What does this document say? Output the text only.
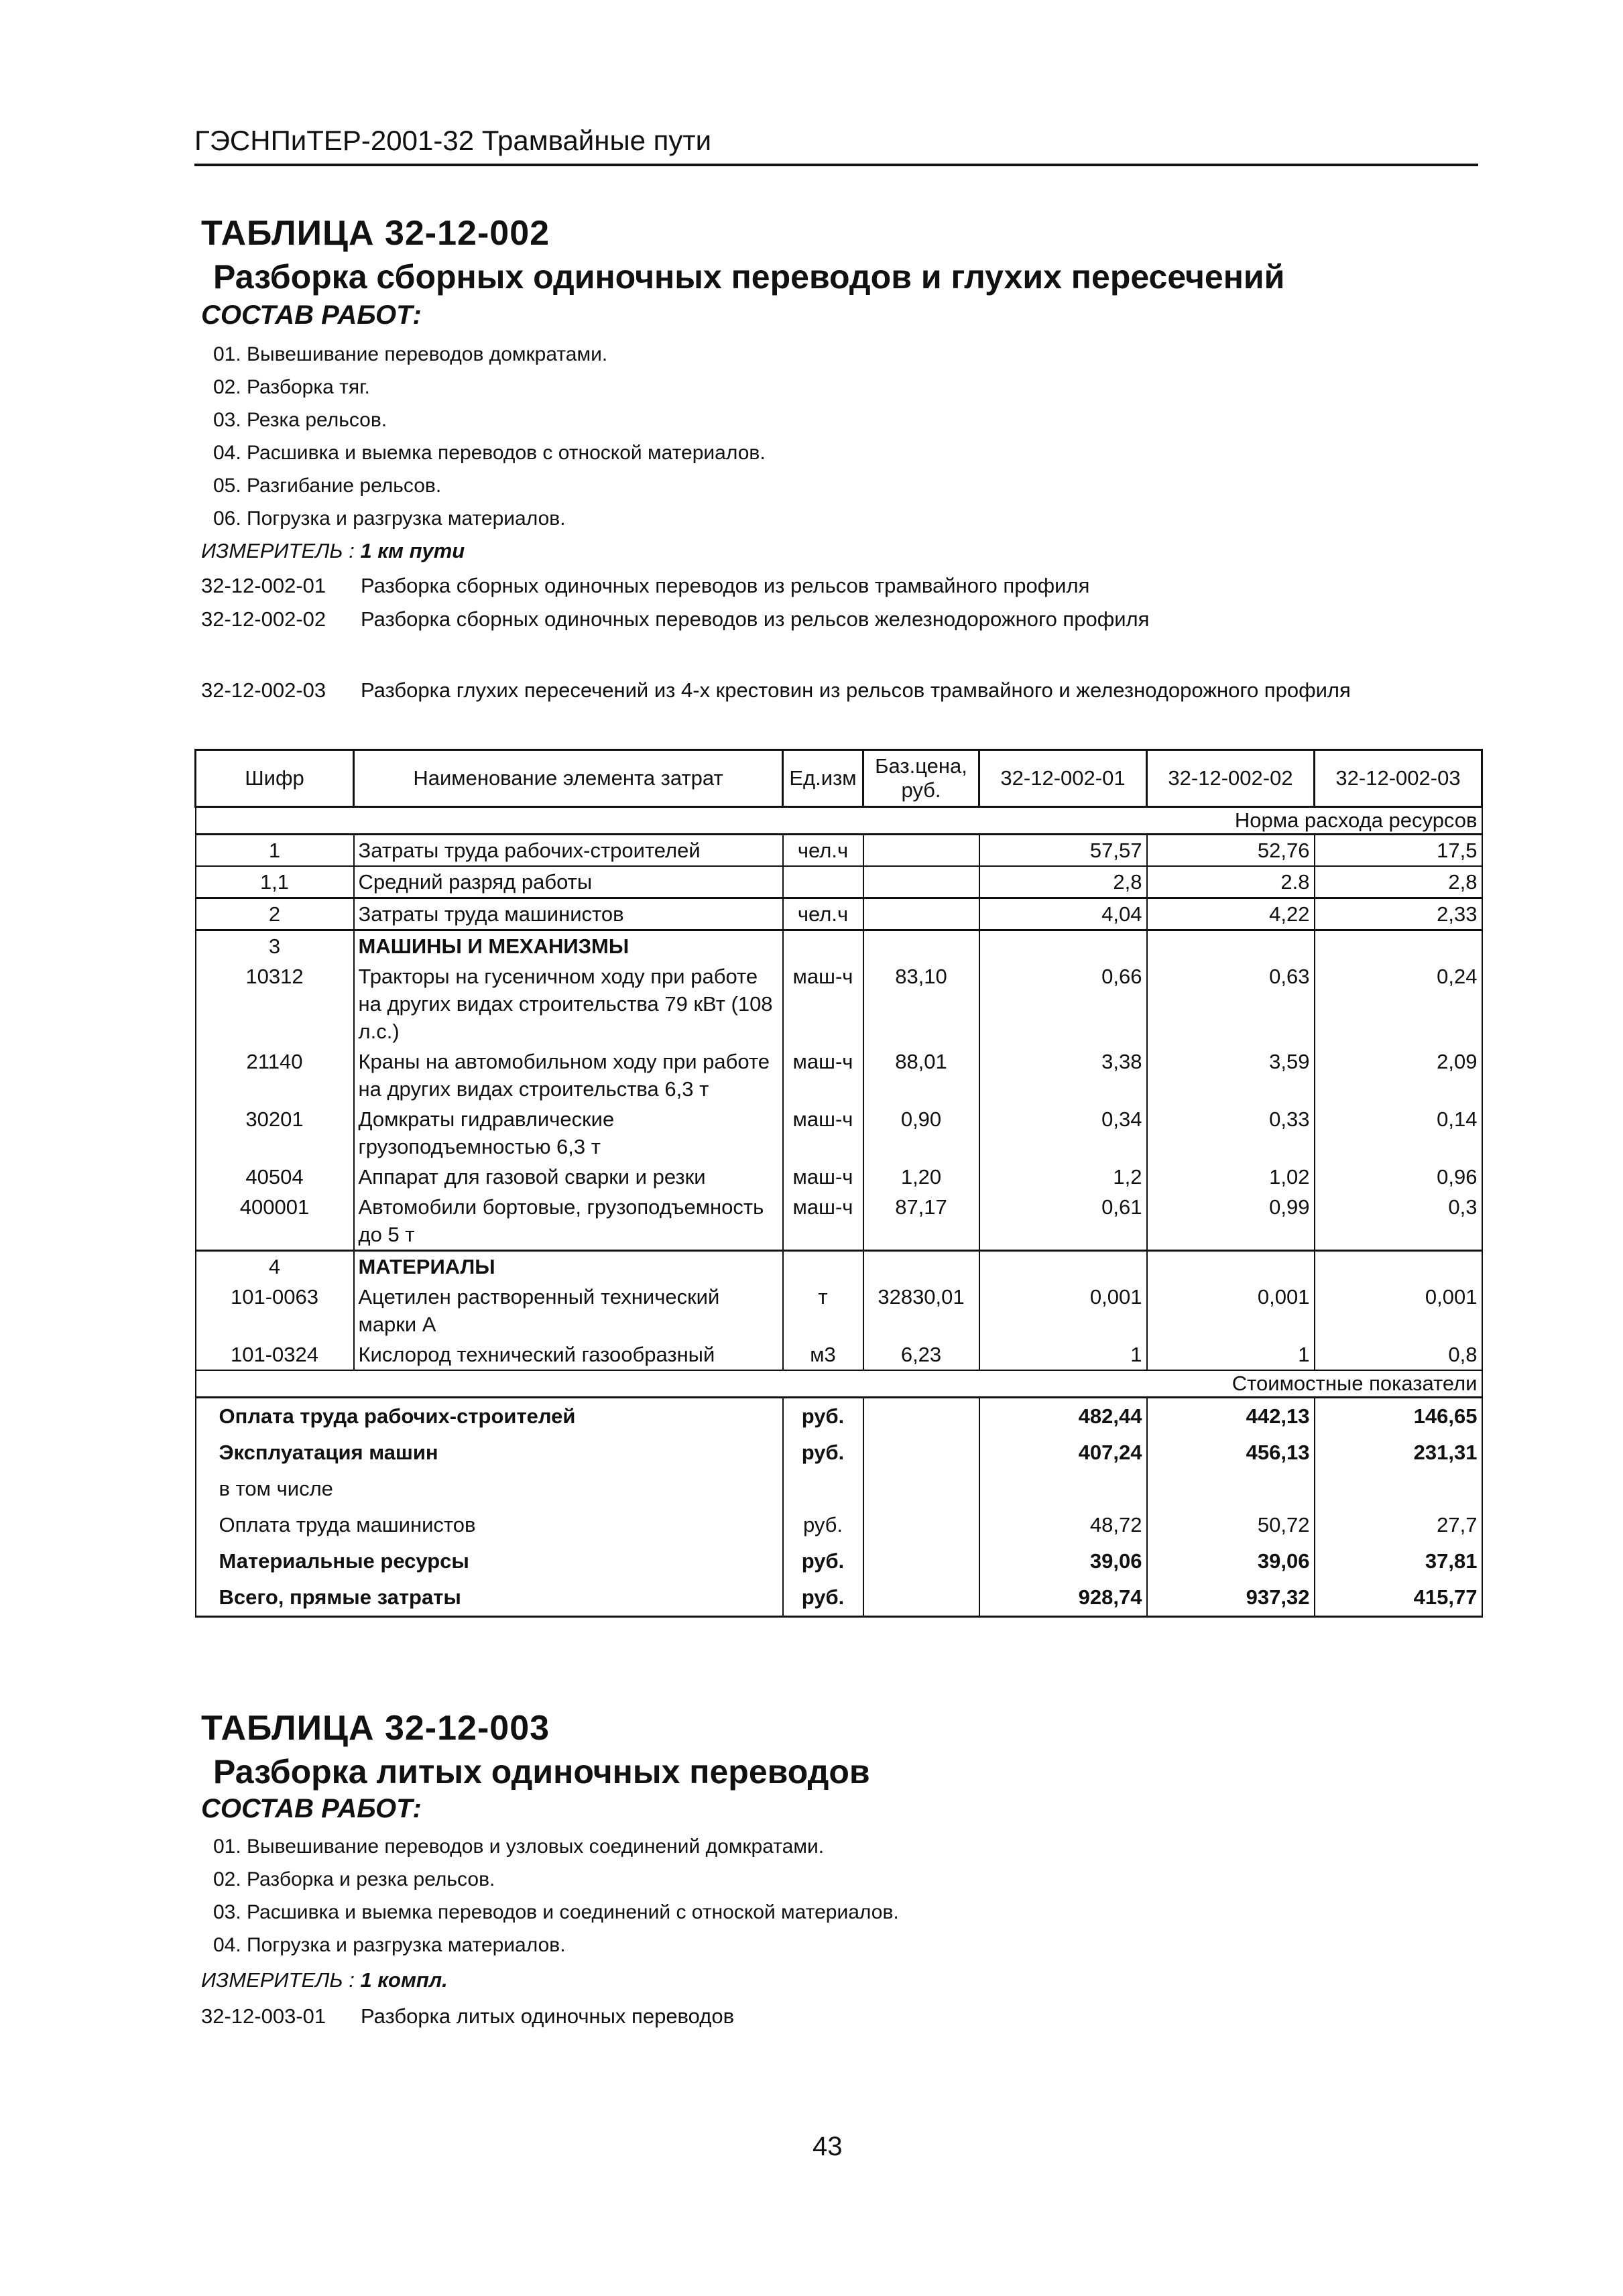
ГЭСНПиТЕР-2001-32 Трамвайные пути
ТАБЛИЦА 32-12-002
Разборка сборных одиночных переводов и глухих пересечений
СОСТАВ РАБОТ:
01. Вывешивание переводов домкратами.
02. Разборка тяг.
03. Резка рельсов.
04. Расшивка и выемка переводов с отноской материалов.
05. Разгибание рельсов.
06. Погрузка и разгрузка материалов.
ИЗМЕРИТЕЛЬ : 1 км пути
32-12-002-01 Разборка сборных одиночных переводов из рельсов трамвайного профиля
32-12-002-02 Разборка сборных одиночных переводов из рельсов железнодорожного профиля
32-12-002-03 Разборка глухих пересечений из 4-х крестовин из рельсов трамвайного и железнодорожного профиля
Шифр	Наименование элемента затрат	Ед.изм	Баз.цена, руб.	32-12-002-01	32-12-002-02	32-12-002-03
Норма расхода ресурсов						
1	Затраты труда рабочих-строителей	чел.ч		57,57	52,76	17,5
1,1	Средний разряд работы			2,8	2.8	2,8
2	Затраты труда машинистов	чел.ч		4,04	4,22	2,33
3	МАШИНЫ И МЕХАНИЗМЫ					
10312	Тракторы на гусеничном ходу при работе на других видах строительства 79 кВт (108 л.с.)	маш-ч	83,10	0,66	0,63	0,24
21140	Краны на автомобильном ходу при работе на других видах строительства 6,3 т	маш-ч	88,01	3,38	3,59	2,09
30201	Домкраты гидравлические грузоподъемностью 6,3 т	маш-ч	0,90	0,34	0,33	0,14
40504	Аппарат для газовой сварки и резки	маш-ч	1,20	1,2	1,02	0,96
400001	Автомобили бортовые, грузоподъемность до 5 т	маш-ч	87,17	0,61	0,99	0,3
4	МАТЕРИАЛЫ					
101-0063	Ацетилен растворенный технический марки А	т	32830,01	0,001	0,001	0,001
101-0324	Кислород технический газообразный	м3	6,23	1	1	0,8
Стоимостные показатели						
Оплата труда рабочих-строителей		руб.		482,44	442,13	146,65
Эксплуатация машин		руб.		407,24	456,13	231,31
в том числе						
Оплата труда машинистов		руб.		48,72	50,72	27,7
Материальные ресурсы		руб.		39,06	39,06	37,81
Всего, прямые затраты		руб.		928,74	937,32	415,77
ТАБЛИЦА 32-12-003
Разборка литых одиночных переводов
СОСТАВ РАБОТ:
01. Вывешивание переводов и узловых соединений домкратами.
02. Разборка и резка рельсов.
03. Расшивка и выемка переводов и соединений с отноской материалов.
04. Погрузка и разгрузка материалов.
ИЗМЕРИТЕЛЬ : 1 компл.
32-12-003-01 Разборка литых одиночных переводов
43
